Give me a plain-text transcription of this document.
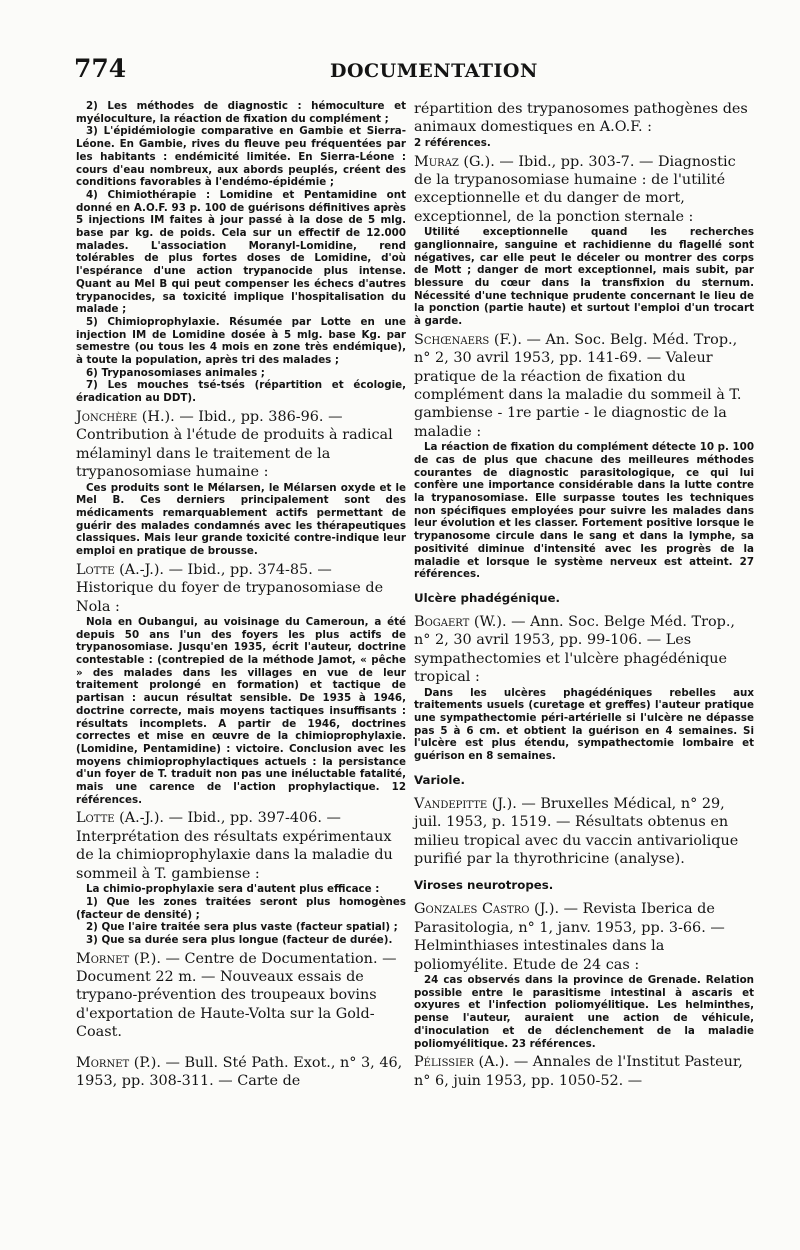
774	DOCUMENTATION

2) Les méthodes de diagnostic : hémoculture et myéloculture, la réaction de fixation du complément ;

3) L'épidémiologie comparative en Gambie et Sierra-Léone. En Gambie, rives du fleuve peu fréquentées par les habitants : endémicité limitée. En Sierra-Léone : cours d'eau nombreux, aux abords peuplés, créent des conditions favorables à l'endémo-épidémie ;

4) Chimiothérapie : Lomidine et Pentamidine ont donné en A.O.F. 93 p. 100 de guérisons définitives après 5 injections IM faites à jour passé à la dose de 5 mlg. base par kg. de poids. Cela sur un effectif de 12.000 malades. L'association Moranyl-Lomidine, rend tolérables de plus fortes doses de Lomidine, d'où l'espérance d'une action trypanocide plus intense. Quant au Mel B qui peut compenser les échecs d'autres trypanocides, sa toxicité implique l'hospitalisation du malade ;

5) Chimioprophylaxie. Résumée par Lotte en une injection IM de Lomidine dosée à 5 mlg. base Kg. par semestre (ou tous les 4 mois en zone très endémique), à toute la population, après tri des malades ;

6) Trypanosomiases animales ;

7) Les mouches tsé-tsés (répartition et écologie, éradication au DDT).

Jonchère (H.). — Ibid., pp. 386-96. — Contribution à l'étude de produits à radical mélaminyl dans le traitement de la trypanosomiase humaine :

Ces produits sont le Mélarsen, le Mélarsen oxyde et le Mel B. Ces derniers principalement sont des médicaments remarquablement actifs permettant de guérir des malades condamnés avec les thérapeutiques classiques. Mais leur grande toxicité contre-indique leur emploi en pratique de brousse.

Lotte (A.-J.). — Ibid., pp. 374-85. — Historique du foyer de trypanosomiase de Nola :

Nola en Oubangui, au voisinage du Cameroun, a été depuis 50 ans l'un des foyers les plus actifs de trypanosomiase. Jusqu'en 1935, écrit l'auteur, doctrine contestable : (contrepied de la méthode Jamot, « pêche » des malades dans les villages en vue de leur traitement prolongé en formation) et tactique de partisan : aucun résultat sensible. De 1935 à 1946, doctrine correcte, mais moyens tactiques insuffisants : résultats incomplets. A partir de 1946, doctrines correctes et mise en œuvre de la chimioprophylaxie. (Lomidine, Pentamidine) : victoire. Conclusion avec les moyens chimioprophylactiques actuels : la persistance d'un foyer de T. traduit non pas une inéluctable fatalité, mais une carence de l'action prophylactique. 12 références.

Lotte (A.-J.). — Ibid., pp. 397-406. — Interprétation des résultats expérimentaux de la chimioprophylaxie dans la maladie du sommeil à T. gambiense :

La chimio-prophylaxie sera d'autent plus efficace :

1) Que les zones traitées seront plus homogènes (facteur de densité) ;

2) Que l'aire traitée sera plus vaste (facteur spatial) ;

3) Que sa durée sera plus longue (facteur de durée).

Mornet (P.). — Centre de Documentation. — Document 22 m. — Nouveaux essais de trypano-prévention des troupeaux bovins d'exportation de Haute-Volta sur la Gold-Coast.
Mornet (P.). — Bull. Sté Path. Exot., n° 3, 46, 1953, pp. 308-311. — Carte de
répartition des trypanosomes pathogènes des animaux domestiques en A.O.F. :

2 références.

Muraz (G.). — Ibid., pp. 303-7. — Diagnostic de la trypanosomiase humaine : de l'utilité exceptionnelle et du danger de mort, exceptionnel, de la ponction sternale :

Utilité exceptionnelle quand les recherches ganglionnaire, sanguine et rachidienne du flagellé sont négatives, car elle peut le déceler ou montrer des corps de Mott ; danger de mort exceptionnel, mais subit, par blessure du cœur dans la transfixion du sternum. Nécessité d'une technique prudente concernant le lieu de la ponction (partie haute) et surtout l'emploi d'un trocart à garde.

Schœnaers (F.). — An. Soc. Belg. Méd. Trop., n° 2, 30 avril 1953, pp. 141-69. — Valeur pratique de la réaction de fixation du complément dans la maladie du sommeil à T. gambiense - 1re partie - le diagnostic de la maladie :

La réaction de fixation du complément détecte 10 p. 100 de cas de plus que chacune des meilleures méthodes courantes de diagnostic parasitologique, ce qui lui confère une importance considérable dans la lutte contre la trypanosomiase. Elle surpasse toutes les techniques non spécifiques employées pour suivre les malades dans leur évolution et les classer. Fortement positive lorsque le trypanosome circule dans le sang et dans la lymphe, sa positivité diminue d'intensité avec les progrès de la maladie et lorsque le système nerveux est atteint. 27 références.

Ulcère phadégénique.
Bogaert (W.). — Ann. Soc. Belge Méd. Trop., n° 2, 30 avril 1953, pp. 99-106. — Les sympathectomies et l'ulcère phagédénique tropical :

Dans les ulcères phagédéniques rebelles aux traitements usuels (curetage et greffes) l'auteur pratique une sympathectomie péri-artérielle si l'ulcère ne dépasse pas 5 à 6 cm. et obtient la guérison en 4 semaines. Si l'ulcère est plus étendu, sympathectomie lombaire et guérison en 8 semaines.

Variole.
Vandepitte (J.). — Bruxelles Médical, n° 29, juil. 1953, p. 1519. — Résultats obtenus en milieu tropical avec du vaccin antivariolique purifié par la thyrothricine (analyse).
Viroses neurotropes.
Gonzales Castro (J.). — Revista Iberica de Parasitologia, n° 1, janv. 1953, pp. 3-66. — Helminthiases intestinales dans la poliomyélite. Etude de 24 cas :

24 cas observés dans la province de Grenade. Relation possible entre le parasitisme intestinal à ascaris et oxyures et l'infection poliomyélitique. Les helminthes, pense l'auteur, auraient une action de véhicule, d'inoculation et de déclenchement de la maladie poliomyélitique. 23 références.

Pélissier (A.). — Annales de l'Institut Pasteur, n° 6, juin 1953, pp. 1050-52. —
